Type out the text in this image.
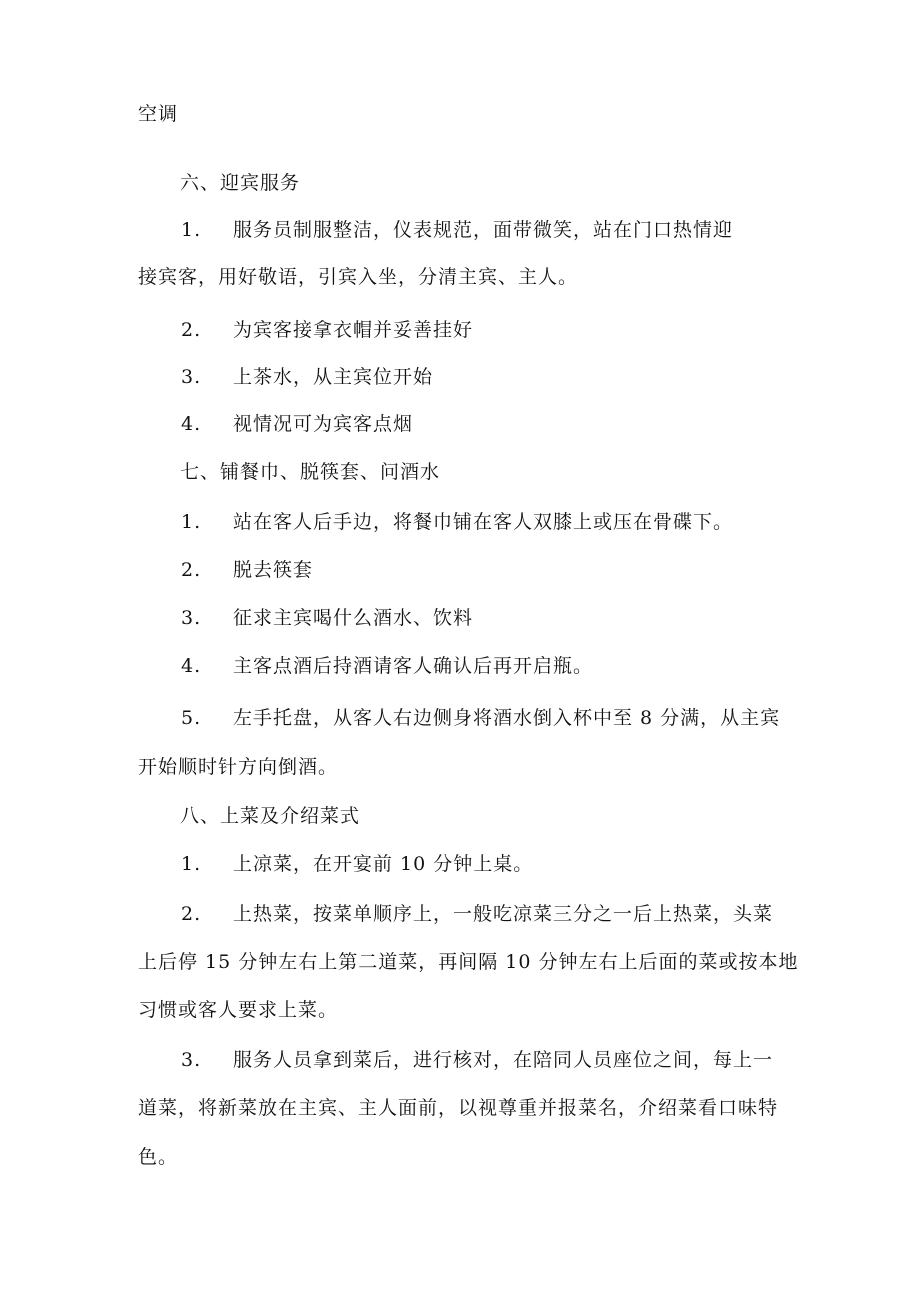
空调
六、迎宾服务
1. 服务员制服整洁，仪表规范，面带微笑，站在门口热情迎
接宾客，用好敬语，引宾入坐，分清主宾、主人。
2. 为宾客接拿衣帽并妥善挂好
3. 上茶水，从主宾位开始
4. 视情况可为宾客点烟
七、铺餐巾、脱筷套、问酒水
1. 站在客人后手边，将餐巾铺在客人双膝上或压在骨碟下。
2. 脱去筷套
3. 征求主宾喝什么酒水、饮料
4. 主客点酒后持酒请客人确认后再开启瓶。
5. 左手托盘，从客人右边侧身将酒水倒入杯中至 8 分满，从主宾
开始顺时针方向倒酒。
八、上菜及介绍菜式
1. 上凉菜，在开宴前 10 分钟上桌。
2. 上热菜，按菜单顺序上，一般吃凉菜三分之一后上热菜，头菜
上后停 15 分钟左右上第二道菜，再间隔 10 分钟左右上后面的菜或按本地
习惯或客人要求上菜。
3. 服务人员拿到菜后，进行核对，在陪同人员座位之间，每上一
道菜，将新菜放在主宾、主人面前，以视尊重并报菜名，介绍菜看口味特
色。
